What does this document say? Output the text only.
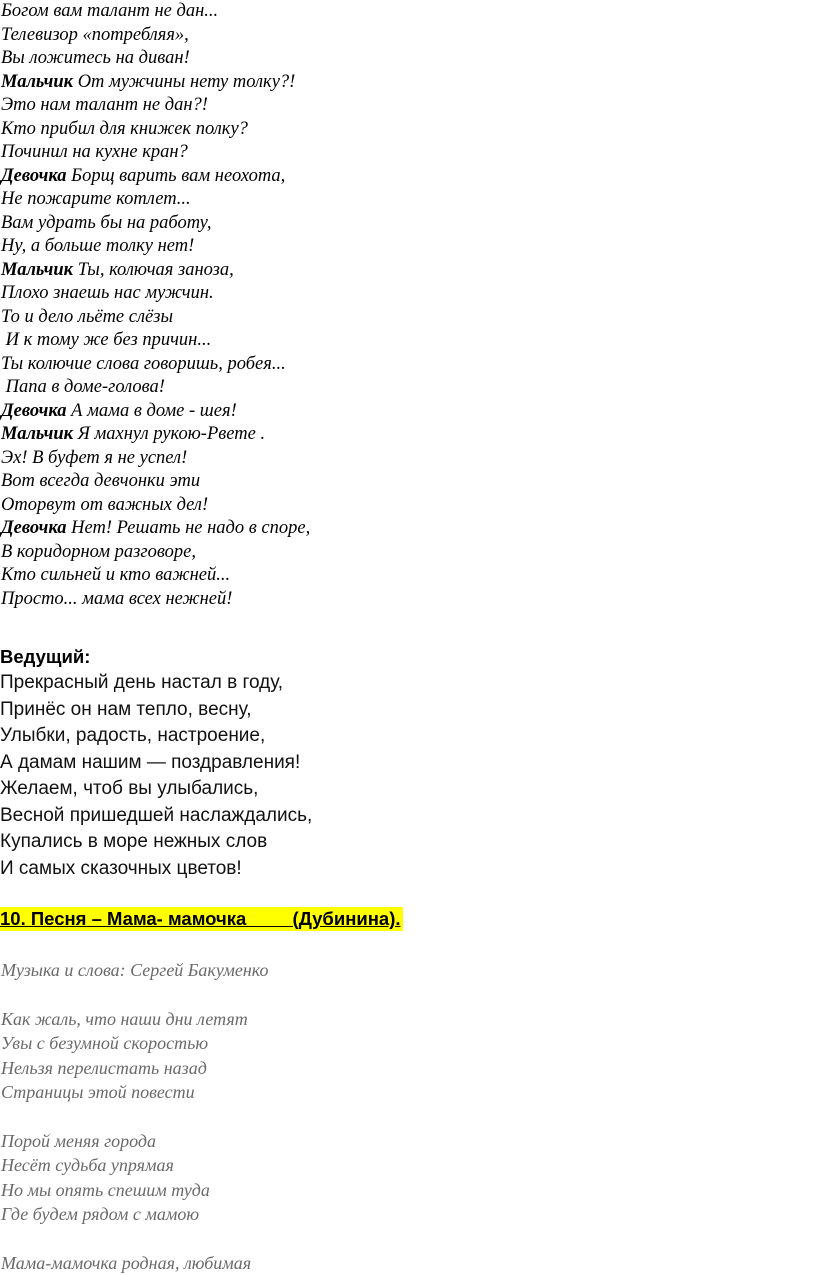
Богом вам талант не дан...
Телевизор «потребляя»,
Вы ложитесь на диван!
Мальчик От мужчины нету толку?!
Это нам талант не дан?!
Кто прибил для книжек полку?
Починил на кухне кран?
Девочка Борщ варить вам неохота,
Не пожарите котлет...
Вам удрать бы на работу,
Ну, а больше толку нет!
Мальчик Ты, колючая заноза,
Плохо знаешь нас мужчин.
То и дело льёте слёзы
И к тому же без причин...
Ты колючие слова говоришь, робея...
Папа в доме-голова!
Девочка А мама в доме - шея!
Мальчик Я махнул рукою-Рвете .
Эх! В буфет я не успел!
Вот всегда девчонки эти
Оторвут от важных дел!
Девочка Нет! Решать не надо в споре,
В коридорном разговоре,
Кто сильней и кто важней...
Просто... мама всех нежней!
Ведущий:
Прекрасный день настал в году,
Принёс он нам тепло, весну,
Улыбки, радость, настроение,
А дамам нашим — поздравления!
Желаем, чтоб вы улыбались,
Весной пришедшей наслаждались,
Купались в море нежных слов
И самых сказочных цветов!
10. Песня – Мама- мамочка         (Дубинина).
Музыка и слова: Сергей Бакуменко
Как жаль, что наши дни летят
Увы с безумной скоростью
Нельзя перелистать назад
Страницы этой повести
Порой меняя города
Несёт судьба упрямая
Но мы опять спешим туда
Где будем рядом с мамою
Мама-мамочка родная, любимая
